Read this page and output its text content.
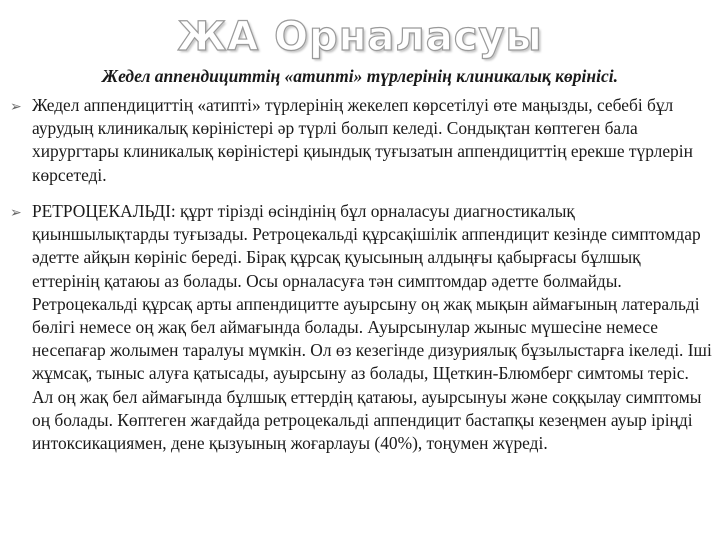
ЖА Орналасуы
Жедел аппендициттің «атипті» түрлерінің клиникалық көрінісі.
➢ Жедел аппендициттің «атипті» түрлерінің жекелеп көрсетілуі өте маңызды, себебі бұл аурудың клиникалық көріністері әр түрлі болып келеді. Сондықтан көптеген бала хирургтары клиникалық көріністері қиындық туғызатын аппендициттің ерекше түрлерін көрсетеді.

➢ РЕТРОЦЕКАЛЬДІ: құрт тірізді өсіндінің бұл орналасуы диагностикалық қиыншылықтарды туғызады. Ретроцекальді құрсақішілік аппендицит кезінде симптомдар әдетте айқын көрініс береді. Бірақ құрсақ қуысының алдыңғы қабырғасы бұлшық еттерінің қатаюы аз болады. Осы орналасуға тән симптомдар әдетте болмайды. Ретроцекальді құрсақ арты аппендицитте ауырсыну оң жақ мықын аймағының латеральді бөлігі немесе оң жақ бел аймағында болады. Ауырсынулар жыныс мүшесіне немесе несепағар жолымен таралуы мүмкін. Ол өз кезегінде дизуриялық бұзылыстарға ікеледі. Іші жұмсақ, тыныс алуға қатысады, ауырсыну аз болады, Щеткин-Блюмберг симтомы теріс. Ал оң жақ бел аймағында бұлшық еттердің қатаюы, ауырсынуы және соққылау симптомы оң болады. Көптеген жағдайда ретроцекальді аппендицит бастапқы кезеңмен ауыр іріңді интоксикациямен, дене қызуының жоғарлауы (40%), тоңумен жүреді.
